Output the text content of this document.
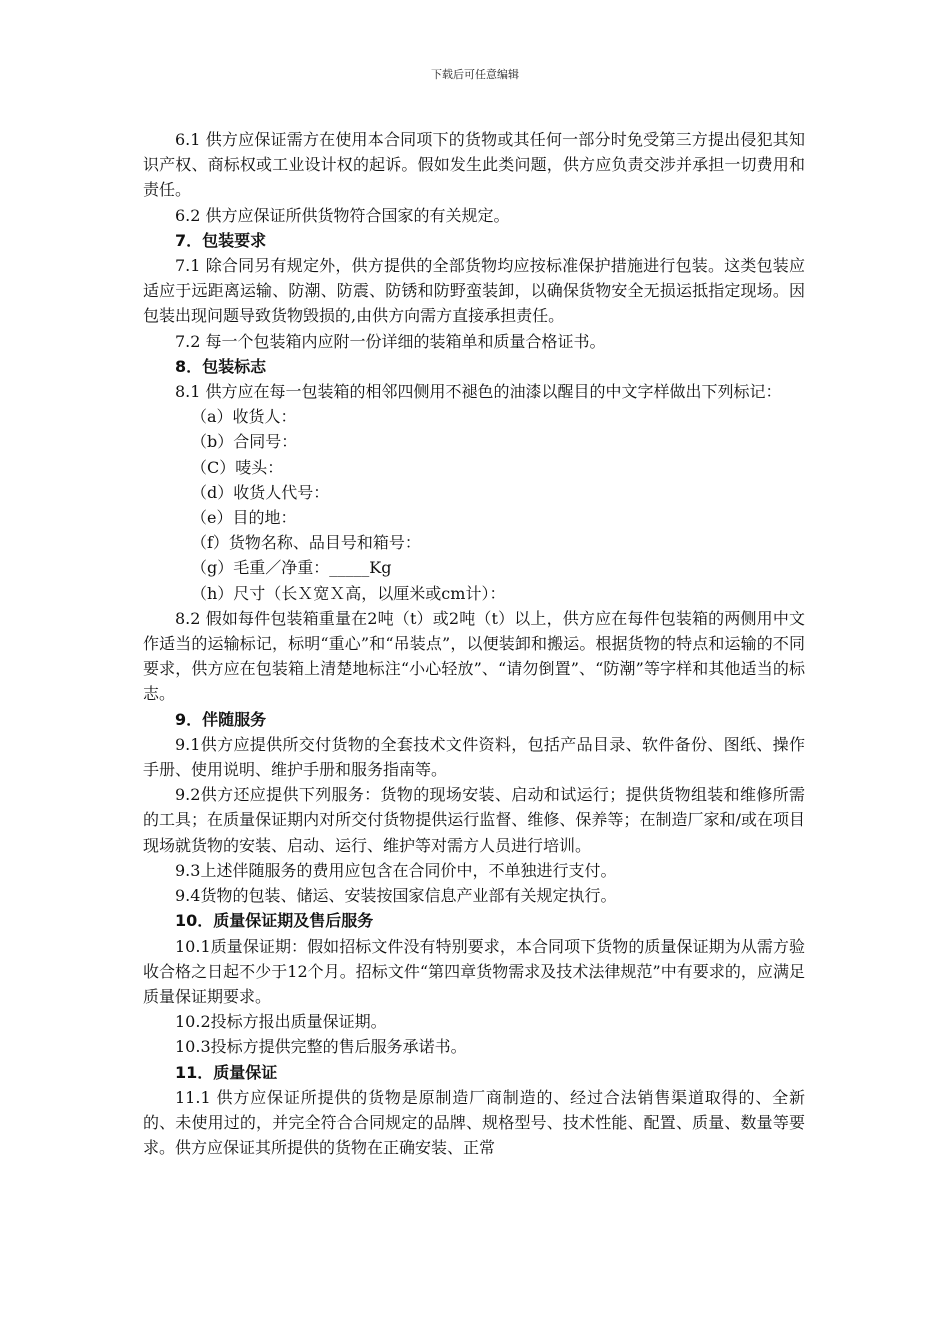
下载后可任意编辑

6.1 供方应保证需方在使用本合同项下的货物或其任何一部分时免受第三方提出侵犯其知识产权、商标权或工业设计权的起诉。假如发生此类问题，供方应负责交涉并承担一切费用和责任。

6.2 供方应保证所供货物符合国家的有关规定。

7．包装要求

7.1 除合同另有规定外，供方提供的全部货物均应按标准保护措施进行包装。这类包装应适应于远距离运输、防潮、防震、防锈和防野蛮装卸，以确保货物安全无损运抵指定现场。因包装出现问题导致货物毁损的,由供方向需方直接承担责任。

7.2 每一个包装箱内应附一份详细的装箱单和质量合格证书。

8．包装标志

8.1 供方应在每一包装箱的相邻四侧用不褪色的油漆以醒目的中文字样做出下列标记：

（a）收货人：

（b）合同号：

（C）唛头：

（d）收货人代号：

（e）目的地：

（f）货物名称、品目号和箱号：

（g）毛重／净重：_____Kg

（h）尺寸（长Ｘ宽Ｘ高，以厘米或cm计）：

8.2 假如每件包装箱重量在2吨（t）或2吨（t）以上，供方应在每件包装箱的两侧用中文作适当的运输标记，标明“重心”和“吊装点”，以便装卸和搬运。根据货物的特点和运输的不同要求，供方应在包装箱上清楚地标注“小心轻放”、“请勿倒置”、“防潮”等字样和其他适当的标志。

9．伴随服务

9.1供方应提供所交付货物的全套技术文件资料，包括产品目录、软件备份、图纸、操作手册、使用说明、维护手册和服务指南等。

9.2供方还应提供下列服务：货物的现场安装、启动和试运行；提供货物组装和维修所需的工具；在质量保证期内对所交付货物提供运行监督、维修、保养等；在制造厂家和/或在项目现场就货物的安装、启动、运行、维护等对需方人员进行培训。

9.3上述伴随服务的费用应包含在合同价中，不单独进行支付。

9.4货物的包装、储运、安装按国家信息产业部有关规定执行。

10．质量保证期及售后服务

10.1质量保证期：假如招标文件没有特别要求，本合同项下货物的质量保证期为从需方验收合格之日起不少于12个月。招标文件“第四章货物需求及技术法律规范”中有要求的，应满足质量保证期要求。

10.2投标方报出质量保证期。

10.3投标方提供完整的售后服务承诺书。

11．质量保证

11.1 供方应保证所提供的货物是原制造厂商制造的、经过合法销售渠道取得的、全新的、未使用过的，并完全符合合同规定的品牌、规格型号、技术性能、配置、质量、数量等要求。供方应保证其所提供的货物在正确安装、正常
